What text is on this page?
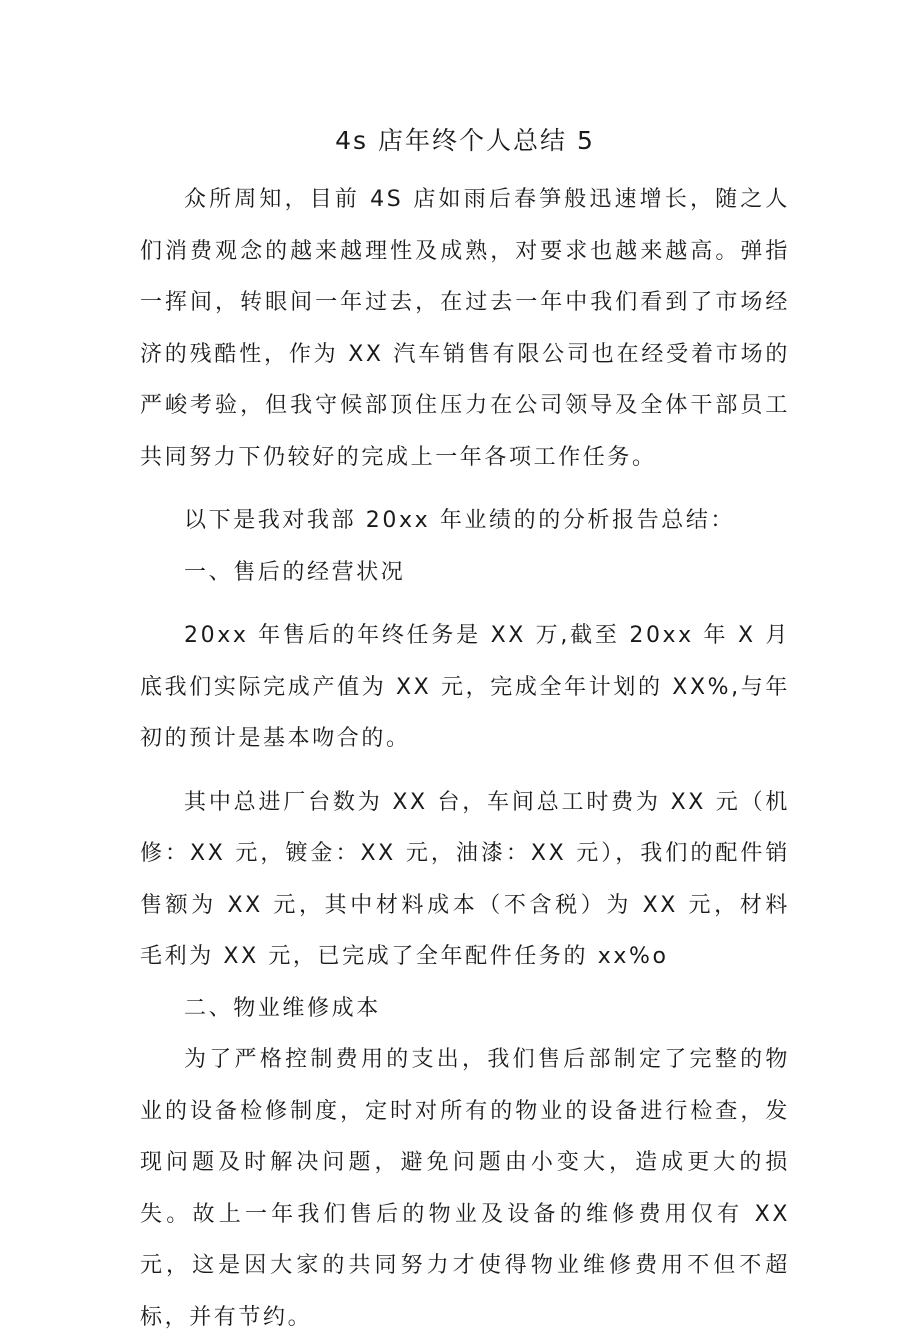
4s 店年终个人总结 5

众所周知，目前 4S 店如雨后春笋般迅速增长，随之人们消费观念的越来越理性及成熟，对要求也越来越高。弹指一挥间，转眼间一年过去，在过去一年中我们看到了市场经济的残酷性，作为 XX 汽车销售有限公司也在经受着市场的严峻考验，但我守候部顶住压力在公司领导及全体干部员工共同努力下仍较好的完成上一年各项工作任务。

以下是我对我部 20xx 年业绩的的分析报告总结：

一、售后的经营状况

20xx 年售后的年终任务是 XX 万,截至 20xx 年 X 月底我们实际完成产值为 XX 元，完成全年计划的 XX%,与年初的预计是基本吻合的。

其中总进厂台数为 XX 台，车间总工时费为 XX 元（机修：XX 元，镀金：XX 元，油漆：XX 元），我们的配件销售额为 XX 元，其中材料成本（不含税）为 XX 元，材料毛利为 XX 元，已完成了全年配件任务的 xx%o

二、物业维修成本

为了严格控制费用的支出，我们售后部制定了完整的物业的设备检修制度，定时对所有的物业的设备进行检查，发现问题及时解决问题，避免问题由小变大，造成更大的损失。故上一年我们售后的物业及设备的维修费用仅有 XX 元，这是因大家的共同努力才使得物业维修费用不但不超标，并有节约。
